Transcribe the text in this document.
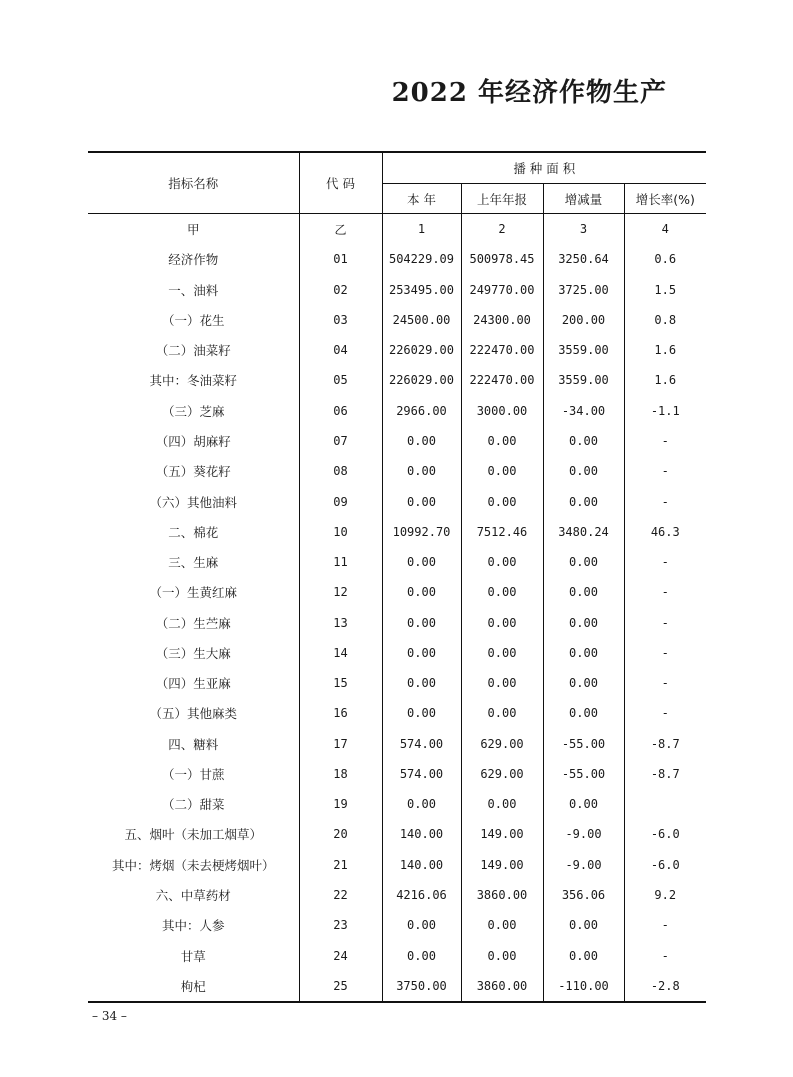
2022 年经济作物生产
指标名称	代 码	播 种 面 积			
		本 年	上年年报	增减量	增长率(%)
甲	乙	1	2	3	4
经济作物	01	504229.09	500978.45	3250.64	0.6
一、油料	02	253495.00	249770.00	3725.00	1.5
（一）花生	03	24500.00	24300.00	200.00	0.8
（二）油菜籽	04	226029.00	222470.00	3559.00	1.6
其中：冬油菜籽	05	226029.00	222470.00	3559.00	1.6
（三）芝麻	06	2966.00	3000.00	-34.00	-1.1
（四）胡麻籽	07	0.00	0.00	0.00	-
（五）葵花籽	08	0.00	0.00	0.00	-
（六）其他油料	09	0.00	0.00	0.00	-
二、棉花	10	10992.70	7512.46	3480.24	46.3
三、生麻	11	0.00	0.00	0.00	-
（一）生黄红麻	12	0.00	0.00	0.00	-
（二）生苎麻	13	0.00	0.00	0.00	-
（三）生大麻	14	0.00	0.00	0.00	-
（四）生亚麻	15	0.00	0.00	0.00	-
（五）其他麻类	16	0.00	0.00	0.00	-
四、糖料	17	574.00	629.00	-55.00	-8.7
（一）甘蔗	18	574.00	629.00	-55.00	-8.7
（二）甜菜	19	0.00	0.00	0.00	
五、烟叶（未加工烟草）	20	140.00	149.00	-9.00	-6.0
其中：烤烟（未去梗烤烟叶）	21	140.00	149.00	-9.00	-6.0
六、中草药材	22	4216.06	3860.00	356.06	9.2
其中：人参	23	0.00	0.00	0.00	-
甘草	24	0.00	0.00	0.00	-
枸杞	25	3750.00	3860.00	-110.00	-2.8
– 34 –
